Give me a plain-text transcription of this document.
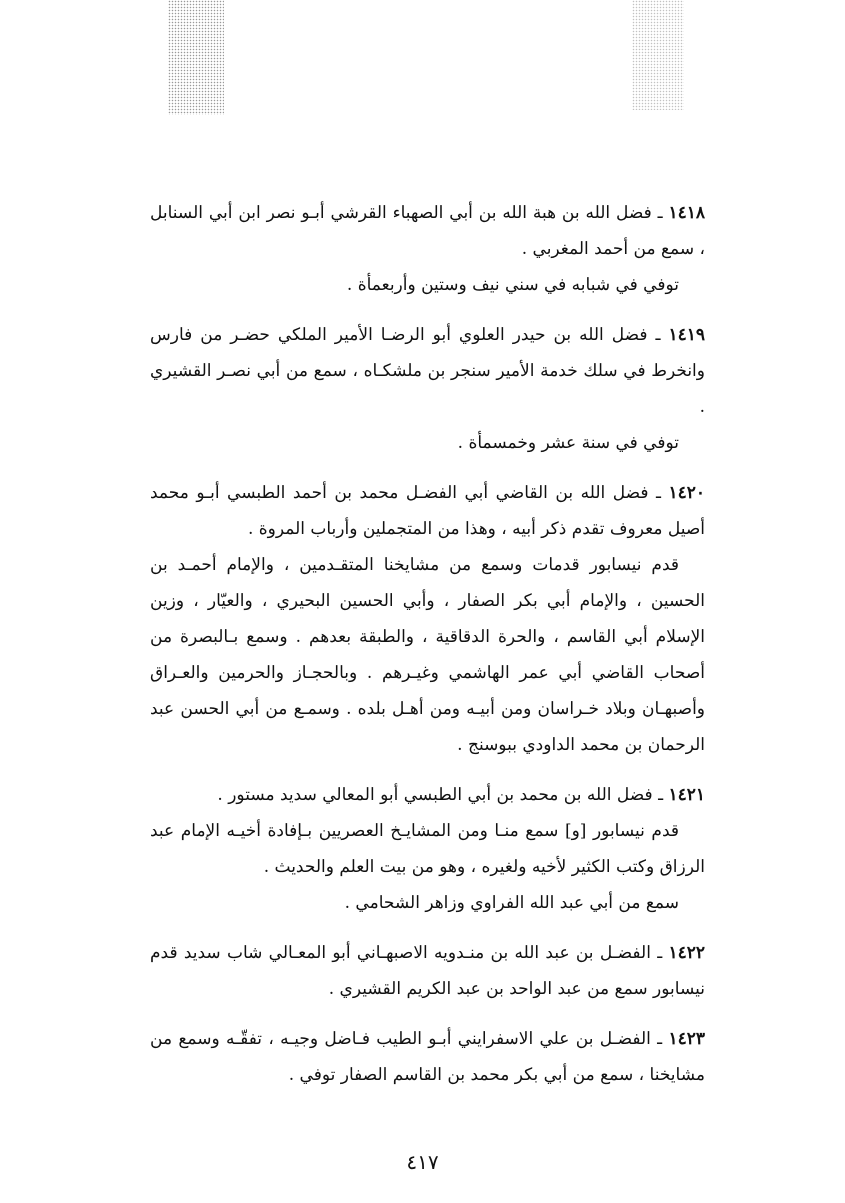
١٤١٨ ـ فضل الله بن هبة الله بن أبي الصهباء القرشي أبـو نصر ابن أبي السنابل ، سمع من أحمد المغربي .

توفي في شبابه في سني نيف وستين وأربعمأة .

١٤١٩ ـ فضل الله بن حيدر العلوي أبو الرضـا الأمير الملكي حضـر من فارس وانخرط في سلك خدمة الأمير سنجر بن ملشكـاه ، سمع من أبي نصـر القشيري .

توفي في سنة عشر وخمسمأة .

١٤٢٠ ـ فضل الله بن القاضي أبي الفضـل محمد بن أحمد الطبسي أبـو محمد أصيل معروف تقدم ذكر أبيه ، وهذا من المتجملين وأرباب المروة .

قدم نيسابور قدمات وسمع من مشايخنا المتقـدمين ، والإمام أحمـد بن الحسين ، والإمام أبي بكر الصفار ، وأبي الحسين البحيري ، والعيّار ، وزين الإسلام أبي القاسم ، والحرة الدقاقية ، والطبقة بعدهم . وسمع بـالبصرة من أصحاب القاضي أبي عمر الهاشمي وغيـرهم . وبالحجـاز والحرمين والعـراق وأصبهـان وبلاد خـراسان ومن أبيـه ومن أهـل بلده . وسمـع من أبي الحسن عبد الرحمان بن محمد الداودي ببوسنج .

١٤٢١ ـ فضل الله بن محمد بن أبي الطبسي أبو المعالي سديد مستور .

قدم نيسابور [و] سمع منـا ومن المشايـخ العصريين بـإفادة أخيـه الإمام عبد الرزاق وكتب الكثير لأخيه ولغيره ، وهو من بيت العلم والحديث .

سمع من أبي عبد الله الفراوي وزاهر الشحامي .

١٤٢٢ ـ الفضـل بن عبد الله بن منـدويه الاصبهـاني أبو المعـالي شاب سديد قدم نيسابور سمع من عبد الواحد بن عبد الكريم القشيري .

١٤٢٣ ـ الفضـل بن علي الاسفرايني أبـو الطيب فـاضل وجيـه ، تفقّـه وسمع من مشايخنا ، سمع من أبي بكر محمد بن القاسم الصفار توفي .

٤١٧
